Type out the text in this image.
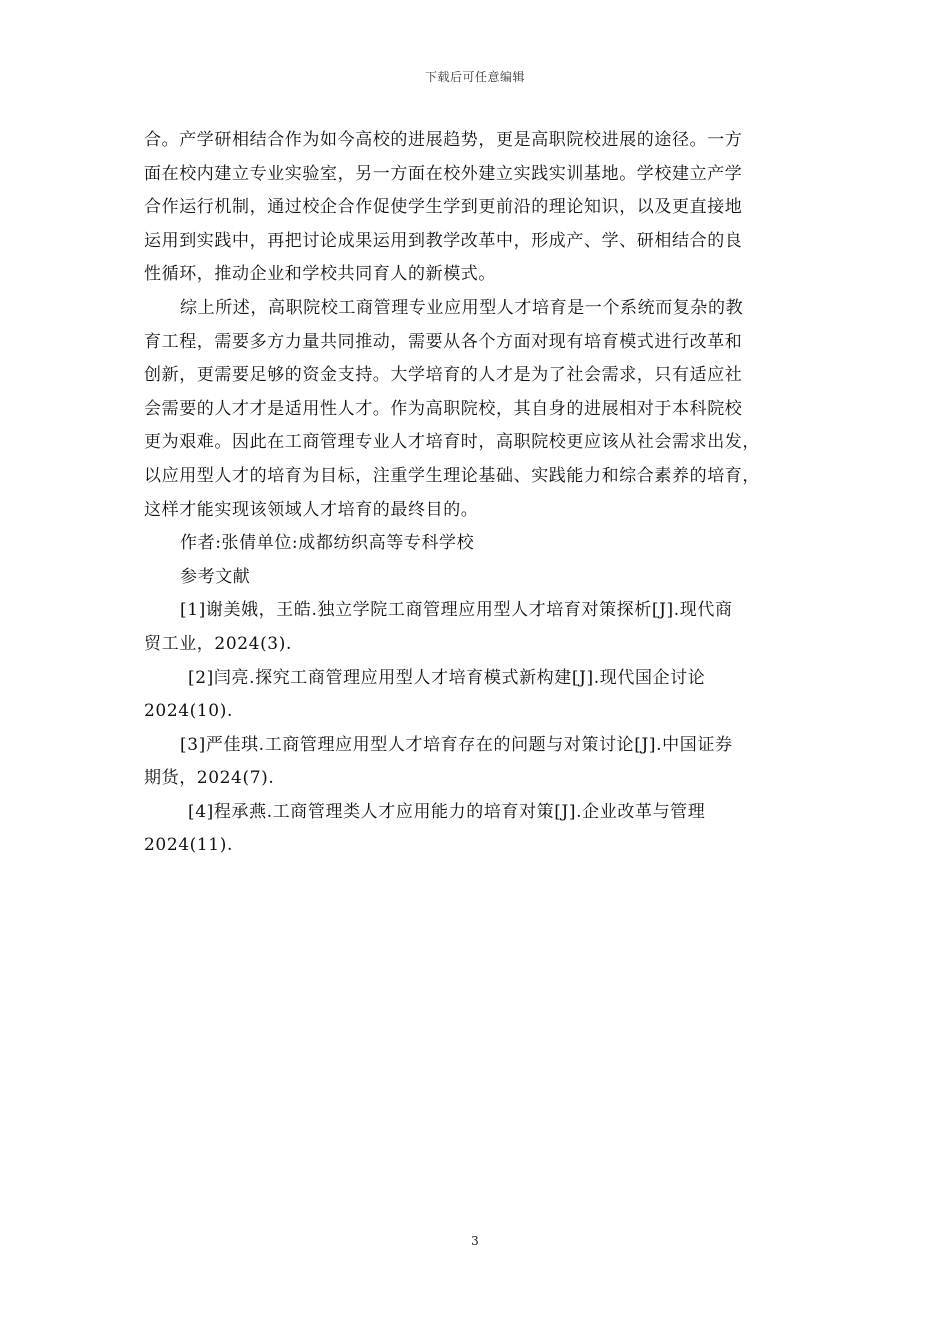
下载后可任意编辑

合。产学研相结合作为如今高校的进展趋势，更是高职院校进展的途径。一方
面在校内建立专业实验室，另一方面在校外建立实践实训基地。学校建立产学
合作运行机制，通过校企合作促使学生学到更前沿的理论知识，以及更直接地
运用到实践中，再把讨论成果运用到教学改革中，形成产、学、研相结合的良
性循环，推动企业和学校共同育人的新模式。

综上所述，高职院校工商管理专业应用型人才培育是一个系统而复杂的教
育工程，需要多方力量共同推动，需要从各个方面对现有培育模式进行改革和
创新，更需要足够的资金支持。大学培育的人才是为了社会需求，只有适应社
会需要的人才才是适用性人才。作为高职院校，其自身的进展相对于本科院校
更为艰难。因此在工商管理专业人才培育时，高职院校更应该从社会需求出发，
以应用型人才的培育为目标，注重学生理论基础、实践能力和综合素养的培育，
这样才能实现该领域人才培育的最终目的。

作者:张倩单位:成都纺织高等专科学校

参考文献

[1]谢美娥，王皓.独立学院工商管理应用型人才培育对策探析[J].现代商
贸工业，2024(3).
[2]闫亮.探究工商管理应用型人才培育模式新构建[J].现代国企讨论
2024(10).
[3]严佳琪.工商管理应用型人才培育存在的问题与对策讨论[J].中国证券
期货，2024(7).
[4]程承燕.工商管理类人才应用能力的培育对策[J].企业改革与管理
2024(11).
3
